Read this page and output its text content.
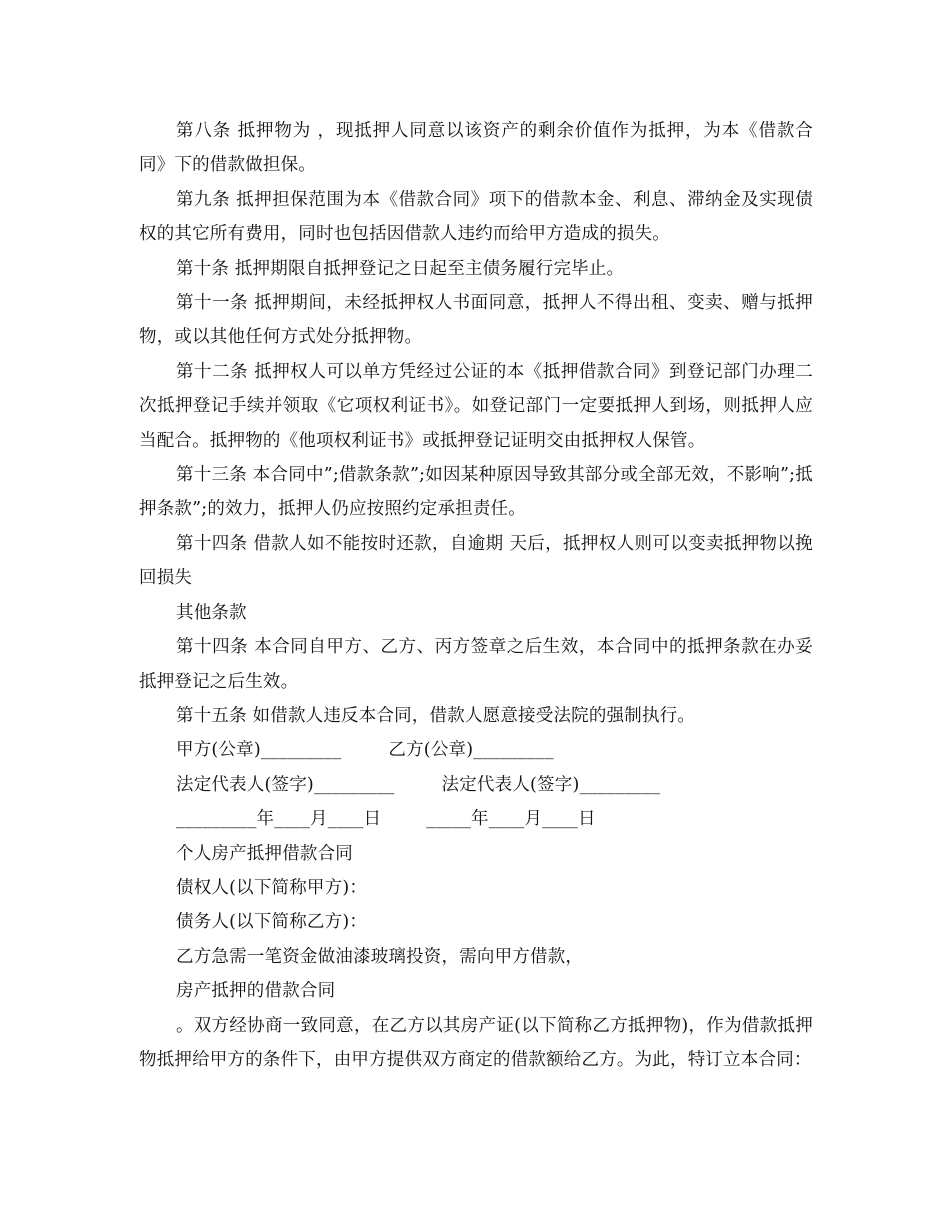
第八条 抵押物为 ，现抵押人同意以该资产的剩余价值作为抵押，为本《借款合同》下的借款做担保。

第九条 抵押担保范围为本《借款合同》项下的借款本金、利息、滞纳金及实现债权的其它所有费用，同时也包括因借款人违约而给甲方造成的损失。

第十条 抵押期限自抵押登记之日起至主债务履行完毕止。

第十一条 抵押期间，未经抵押权人书面同意，抵押人不得出租、变卖、赠与抵押物，或以其他任何方式处分抵押物。

第十二条 抵押权人可以单方凭经过公证的本《抵押借款合同》到登记部门办理二次抵押登记手续并领取《它项权利证书》。如登记部门一定要抵押人到场，则抵押人应当配合。抵押物的《他项权利证书》或抵押登记证明交由抵押权人保管。

第十三条 本合同中”;借款条款”;如因某种原因导致其部分或全部无效，不影响”;抵押条款”;的效力，抵押人仍应按照约定承担责任。

第十四条 借款人如不能按时还款，自逾期 天后，抵押权人则可以变卖抵押物以挽回损失

其他条款

第十四条 本合同自甲方、乙方、丙方签章之后生效，本合同中的抵押条款在办妥抵押登记之后生效。

第十五条 如借款人违反本合同，借款人愿意接受法院的强制执行。

甲方(公章)_________	乙方(公章)_________
法定代表人(签字)_________	法定代表人(签字)_________
_________年____月____日	_____年____月____日

个人房产抵押借款合同

债权人(以下简称甲方)：

债务人(以下简称乙方)：

乙方急需一笔资金做油漆玻璃投资，需向甲方借款，

房产抵押的借款合同

。双方经协商一致同意，在乙方以其房产证(以下简称乙方抵押物)，作为借款抵押物抵押给甲方的条件下，由甲方提供双方商定的借款额给乙方。为此，特订立本合同：
